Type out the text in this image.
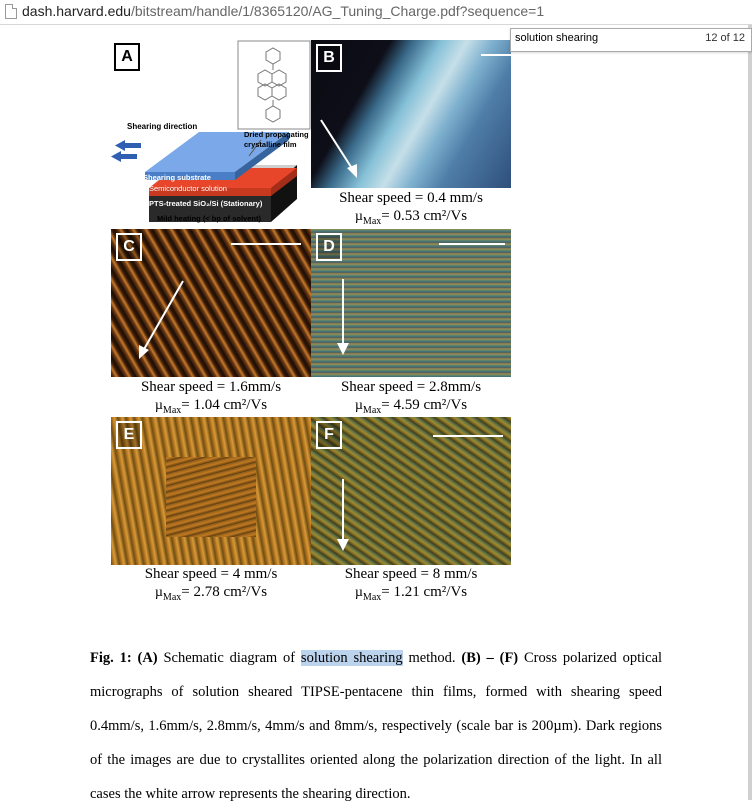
dash.harvard.edu/bitstream/handle/1/8365120/AG_Tuning_Charge.pdf?sequence=1
A
Shearing direction
Dried propagating
crystalline film
Shearing substrate
Semiconductor solution
PTS-treated SiO₂/Si (Stationary)
Mild heating (< bp of solvent)
B
Shear speed = 0.4 mm/s
µ$_{Max}$= 0.53 cm²/Vs
C
Shear speed = 1.6mm/s
µ$_{Max}$= 1.04 cm²/Vs
D
Shear speed = 2.8mm/s
µ$_{Max}$= 4.59 cm²/Vs
E
Shear speed = 4 mm/s
µ$_{Max}$= 2.78 cm²/Vs
F
Shear speed = 8 mm/s
µ$_{Max}$= 1.21 cm²/Vs
Fig. 1: (A) Schematic diagram of solution shearing method. (B) – (F) Cross polarized optical
micrographs of solution sheared TIPSE-pentacene thin films, formed with shearing speed
0.4mm/s, 1.6mm/s, 2.8mm/s, 4mm/s and 8mm/s, respectively (scale bar is 200µm). Dark regions
of the images are due to crystallites oriented along the polarization direction of the light. In all
cases the white arrow represents the shearing direction.
solution shearing	12 of 12
